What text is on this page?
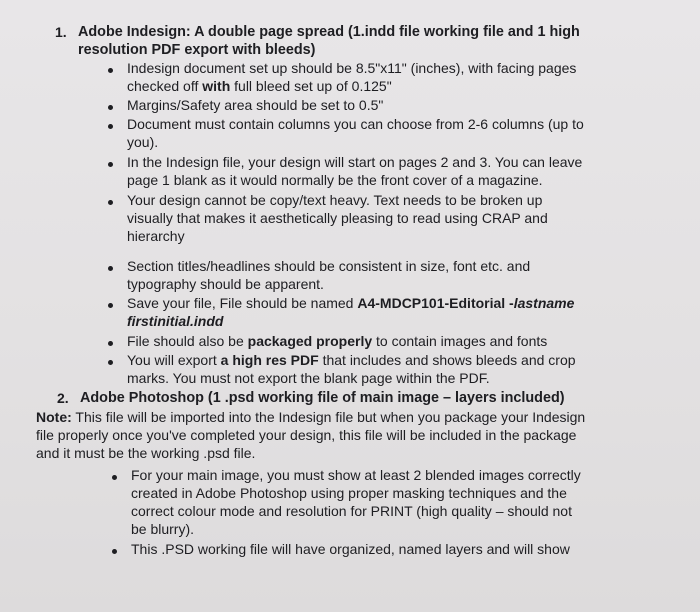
1. Adobe Indesign: A double page spread (1.indd file working file and 1 high
resolution PDF export with bleeds)
Indesign document set up should be 8.5"x11" (inches), with facing pages
checked off with full bleed set up of 0.125"
Margins/Safety area should be set to 0.5"
Document must contain columns you can choose from 2-6 columns (up to
you).
In the Indesign file, your design will start on pages 2 and 3. You can leave
page 1 blank as it would normally be the front cover of a magazine.
Your design cannot be copy/text heavy. Text needs to be broken up
visually that makes it aesthetically pleasing to read using CRAP and
hierarchy
Section titles/headlines should be consistent in size, font etc. and
typography should be apparent.
Save your file, File should be named A4-MDCP101-Editorial -lastname
firstinitial.indd
File should also be packaged properly to contain images and fonts
You will export a high res PDF that includes and shows bleeds and crop
marks. You must not export the blank page within the PDF.
2. Adobe Photoshop (1 .psd working file of main image – layers included)
Note: This file will be imported into the Indesign file but when you package your Indesign
file properly once you've completed your design, this file will be included in the package
and it must be the working .psd file.
For your main image, you must show at least 2 blended images correctly
created in Adobe Photoshop using proper masking techniques and the
correct colour mode and resolution for PRINT (high quality – should not
be blurry).
This .PSD working file will have organized, named layers and will show
